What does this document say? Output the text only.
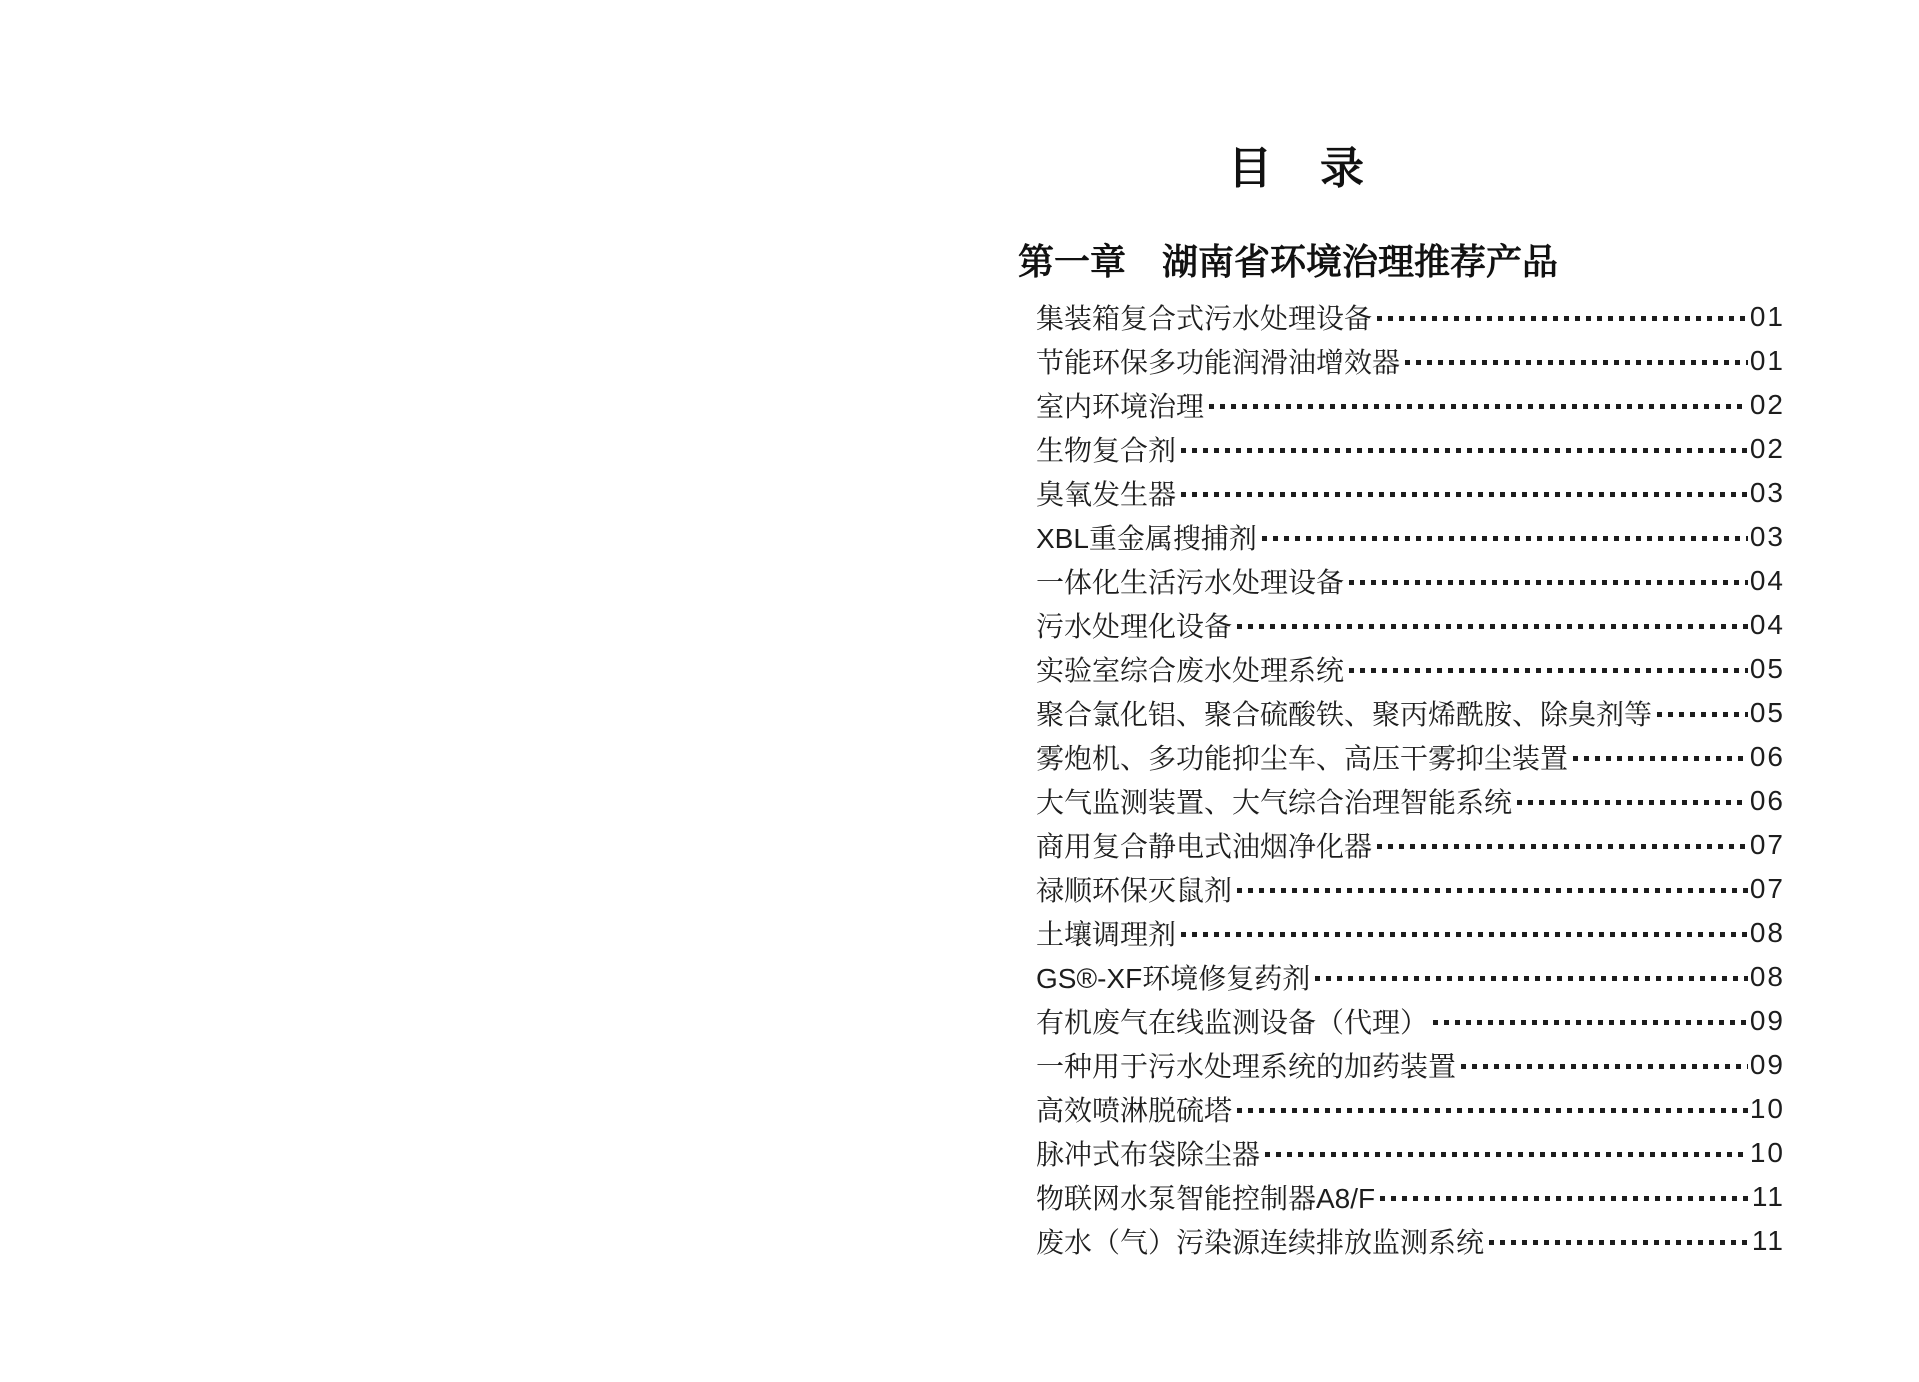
目　录
第一章　湖南省环境治理推荐产品
集装箱复合式污水处理设备	01
节能环保多功能润滑油增效器	01
室内环境治理	02
生物复合剂	02
臭氧发生器	03
XBL重金属搜捕剂	03
一体化生活污水处理设备	04
污水处理化设备	04
实验室综合废水处理系统	05
聚合氯化铝、聚合硫酸铁、聚丙烯酰胺、除臭剂等	05
雾炮机、多功能抑尘车、高压干雾抑尘装置	06
大气监测装置、大气综合治理智能系统	06
商用复合静电式油烟净化器	07
禄顺环保灭鼠剂	07
土壤调理剂	08
GS®-XF环境修复药剂	08
有机废气在线监测设备（代理）	09
一种用于污水处理系统的加药装置	09
高效喷淋脱硫塔	10
脉冲式布袋除尘器	10
物联网水泵智能控制器A8/F	11
废水（气）污染源连续排放监测系统	11
